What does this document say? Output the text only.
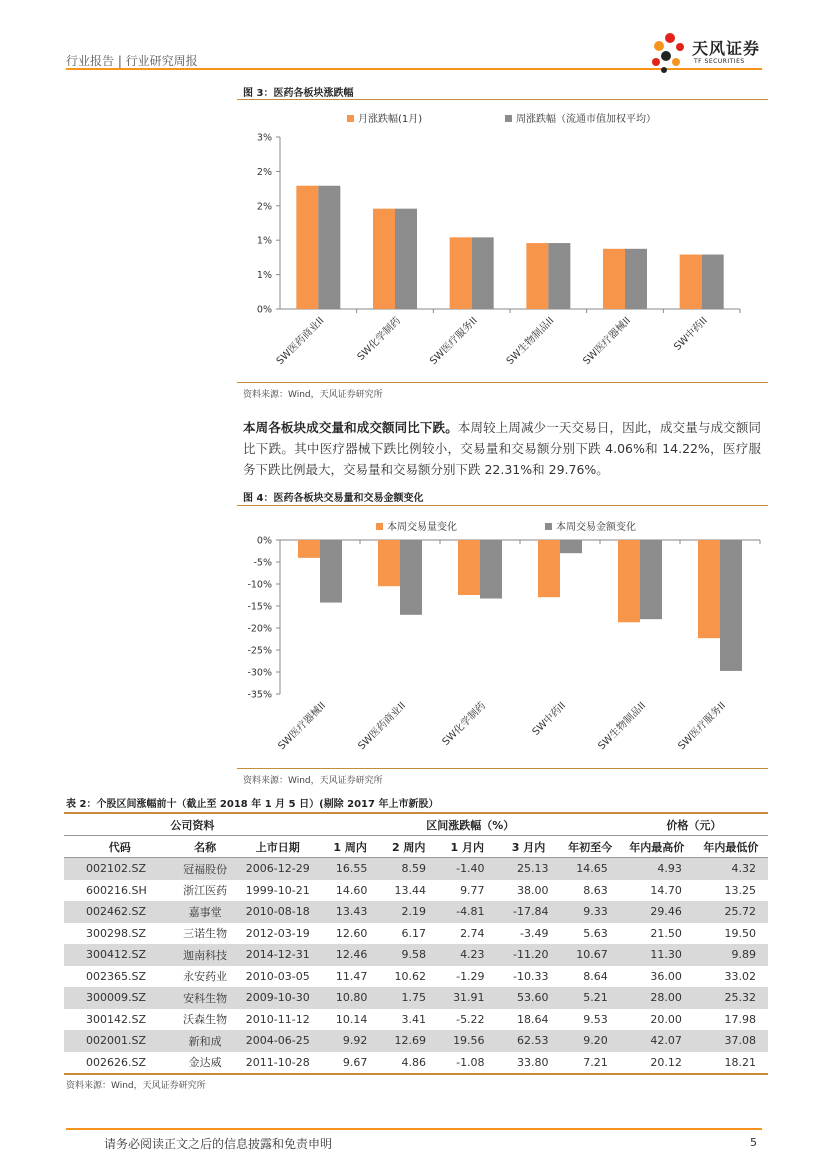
行业报告 | 行业研究周报
天风证券
TF SECURITIES
图 3：医药各板块涨跌幅
月涨跌幅(1月)	周涨跌幅（流通市值加权平均）
3%
2%
2%
1%
1%
0%
SW医药商业II	SW化学制药 SW医疗服务II SW生物制品II SW医疗器械II	SW中药II
资料来源：Wind，天风证券研究所
本周各板块成交量和成交额同比下跌。本周较上周减少一天交易日，因此，成交量与成交额同比下跌。其中医疗器械下跌比例较小，交易量和交易额分别下跌 4.06%和 14.22%，医疗服务下跌比例最大，交易量和交易额分别下跌 22.31%和 29.76%。
图 4：医药各板块交易量和交易金额变化
本周交易量变化	本周交易金额变化
0%
-5%
-10%
-15%
-20%
-25%
-30%
-35%
SW医疗器械II	SW医药商业II	SW化学制药	SW中药II	SW生物制品II	SW医疗服务II
资料来源：Wind，天风证券研究所
表 2：个股区间涨幅前十（截止至 2018 年 1 月 5 日）(剔除 2017 年上市新股）
公司资料			区间涨跌幅（%）					价格（元）	
代码	名称	上市日期	1 周内	2 周内	1 月内	3 月内	年初至今	年内最高价	年内最低价
002102.SZ	冠福股份	2006-12-29	16.55	8.59	-1.40	25.13	14.65	4.93	4.32
600216.SH	浙江医药	1999-10-21	14.60	13.44	9.77	38.00	8.63	14.70	13.25
002462.SZ	嘉事堂	2010-08-18	13.43	2.19	-4.81	-17.84	9.33	29.46	25.72
300298.SZ	三诺生物	2012-03-19	12.60	6.17	2.74	-3.49	5.63	21.50	19.50
300412.SZ	迦南科技	2014-12-31	12.46	9.58	4.23	-11.20	10.67	11.30	9.89
002365.SZ	永安药业	2010-03-05	11.47	10.62	-1.29	-10.33	8.64	36.00	33.02
300009.SZ	安科生物	2009-10-30	10.80	1.75	31.91	53.60	5.21	28.00	25.32
300142.SZ	沃森生物	2010-11-12	10.14	3.41	-5.22	18.64	9.53	20.00	17.98
002001.SZ	新和成	2004-06-25	9.92	12.69	19.56	62.53	9.20	42.07	37.08
002626.SZ	金达威	2011-10-28	9.67	4.86	-1.08	33.80	7.21	20.12	18.21
资料来源：Wind，天风证券研究所
请务必阅读正文之后的信息披露和免责申明	5
